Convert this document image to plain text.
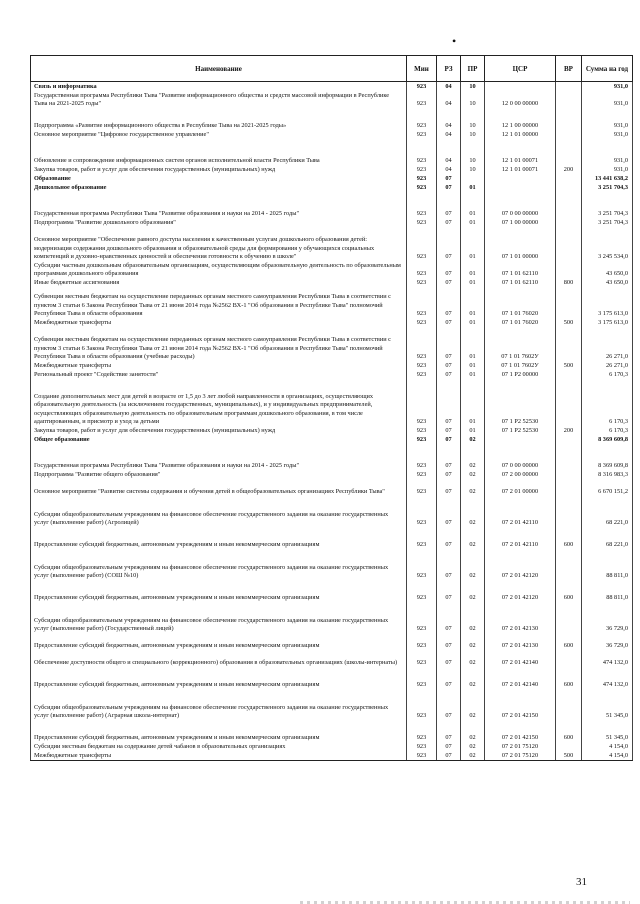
•
Наименование	Мин	РЗ	ПР	ЦСР	ВР	Сумма на год
Связь и информатика	923	04	10			931,0
Государственная программа Республики Тыва "Развитие информационного общества и средств массовой информации в Республике Тыва на 2021-2025 годы"	923	04	10	12 0 00 00000		931,0
Подпрограмма «Развитие информационного общества в Республике Тыва на 2021-2025 годы»	923	04	10	12 1 00 00000		931,0
Основное мероприятие "Цифровое государственное управление"	923	04	10	12 1 01 00000		931,0
Обновление и сопровождение информационных систем органов исполнительной власти Республики Тыва	923	04	10	12 1 01 00071		931,0
Закупка товаров, работ и услуг для обеспечения государственных (муниципальных) нужд	923	04	10	12 1 01 00071	200	931,0
Образование	923	07				13 441 638,2
Дошкольное образование	923	07	01			3 251 704,3
Государственная программа Республики Тыва "Развитие образования и науки на 2014 - 2025 годы"	923	07	01	07 0 00 00000		3 251 704,3
Подпрограмма "Развитие дошкольного образования"	923	07	01	07 1 00 00000		3 251 704,3
Основное мероприятие "Обеспечение равного доступа населения к качественным услугам дошкольного образования детей: модернизация содержания дошкольного образования и образовательной среды для формирования у обучающихся социальных компетенций и духовно-нравственных ценностей и обеспечения готовности к обучению в школе"	923	07	01	07 1 01 00000		3 245 534,0
Субсидии частным дошкольным образовательным организациям, осуществляющим образовательную деятельность по образовательным программам дошкольного образования	923	07	01	07 1 01 62110		43 650,0
Иные бюджетные ассигнования	923	07	01	07 1 01 62110	800	43 650,0
Субвенции местным бюджетам на осуществление переданных органам местного самоуправления Республики Тыва в соответствии с пунктом 3 статьи 6 Закона Республики Тыва от 21 июня 2014 года №2562 ВХ-1 "Об образовании в Республике Тыва" полномочий Республики Тыва в области образования	923	07	01	07 1 01 76020		3 175 613,0
Межбюджетные трансферты	923	07	01	07 1 01 76020	500	3 175 613,0
Субвенции местным бюджетам на осуществление переданных органам местного самоуправления Республики Тыва в соответствии с пунктом 3 статьи 6 Закона Республики Тыва от 21 июня 2014 года №2562 ВХ-1 "Об образовании в Республике Тыва" полномочий Республики Тыва в области образования (учебные расходы)	923	07	01	07 1 01 7602У		26 271,0
Межбюджетные трансферты	923	07	01	07 1 01 7602У	500	26 271,0
Региональный проект "Содействие занятости"	923	07	01	07 1 Р2 00000		6 170,3
Создание дополнительных мест для детей в возрасте от 1,5 до 3 лет любой направленности в организациях, осуществляющих образовательную деятельность (за исключением государственных, муниципальных), и у индивидуальных предпринимателей, осуществляющих образовательную деятельность по образовательным программам дошкольного образования, в том числе адаптированным, и присмотр и уход за детьми	923	07	01	07 1 Р2 52530		6 170,3
Закупка товаров, работ и услуг для обеспечения государственных (муниципальных) нужд	923	07	01	07 1 Р2 52530	200	6 170,3
Общее образование	923	07	02			8 369 609,8
Государственная программа Республики Тыва "Развитие образования и науки на 2014 - 2025 годы"	923	07	02	07 0 00 00000		8 369 609,8
Подпрограмма "Развитие общего образования"	923	07	02	07 2 00 00000		8 316 983,3
Основное мероприятие "Развитие системы содержания и обучения детей в общеобразовательных организациях Республики Тыва"	923	07	02	07 2 01 00000		6 670 151,2
Субсидии общеобразовательным учреждениям на финансовое обеспечение государственного задания на оказание государственных услуг (выполнение работ) (Агролицей)	923	07	02	07 2 01 42110		68 221,0
Предоставление субсидий бюджетным, автономным учреждениям и иным некоммерческим организациям	923	07	02	07 2 01 42110	600	68 221,0
Субсидии общеобразовательным учреждениям на финансовое обеспечение государственного задания на оказание государственных услуг (выполнение работ) (СОШ №10)	923	07	02	07 2 01 42120		88 811,0
Предоставление субсидий бюджетным, автономным учреждениям и иным некоммерческим организациям	923	07	02	07 2 01 42120	600	88 811,0
Субсидии общеобразовательным учреждениям на финансовое обеспечение государственного задания на оказание государственных услуг (выполнение работ) (Государственный лицей)	923	07	02	07 2 01 42130		36 729,0
Предоставление субсидий бюджетным, автономным учреждениям и иным некоммерческим организациям	923	07	02	07 2 01 42130	600	36 729,0
Обеспечение доступности общего и специального (коррекционного) образования в образовательных организациях (школы-интернаты)	923	07	02	07 2 01 42140		474 132,0
Предоставление субсидий бюджетным, автономным учреждениям и иным некоммерческим организациям	923	07	02	07 2 01 42140	600	474 132,0
Субсидии общеобразовательным учреждениям на финансовое обеспечение государственного задания на оказание государственных услуг (выполнение работ) (Аграрная школа-интернат)	923	07	02	07 2 01 42150		51 345,0
Предоставление субсидий бюджетным, автономным учреждениям и иным некоммерческим организациям	923	07	02	07 2 01 42150	600	51 345,0
Субсидии местным бюджетам на содержание детей чабанов в образовательных организациях	923	07	02	07 2 01 75120		4 154,0
Межбюджетные трансферты	923	07	02	07 2 01 75120	500	4 154,0
31
